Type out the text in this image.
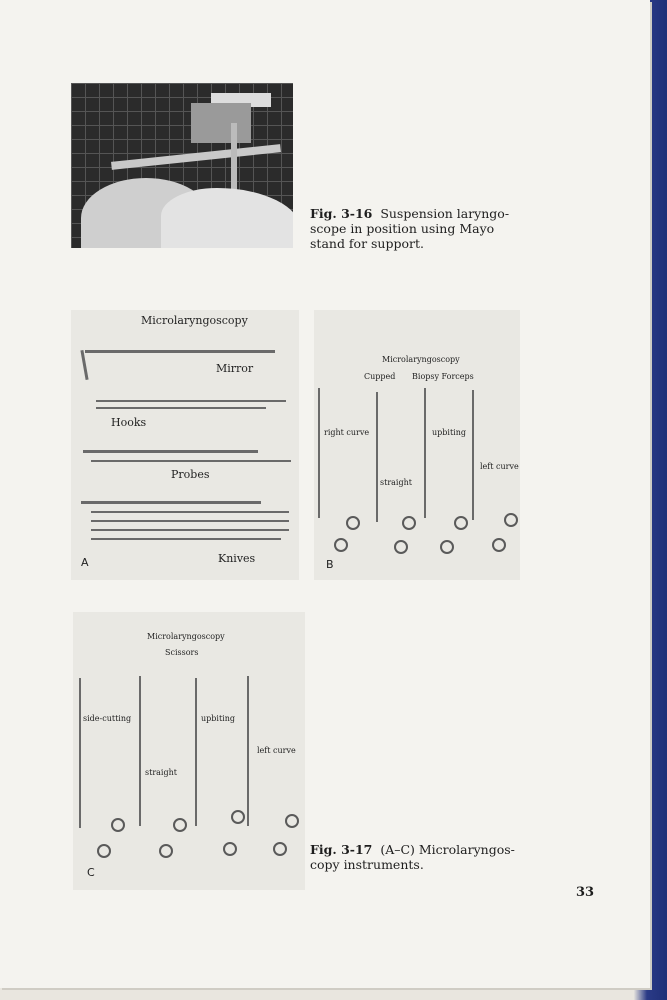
Fig. 3-16 Suspension laryngo-scope in position using Mayo stand for support.
Microlaryngoscopy
Mirror
Hooks
Probes
Knives
A
Microlaryngoscopy
Cupped Biopsy Forceps
right curve
straight
upbiting
left curve
B
Microlaryngoscopy
Scissors
side-cutting
straight
upbiting
left curve
C
Fig. 3-17 (A–C) Microlaryngos-copy instruments.
33
